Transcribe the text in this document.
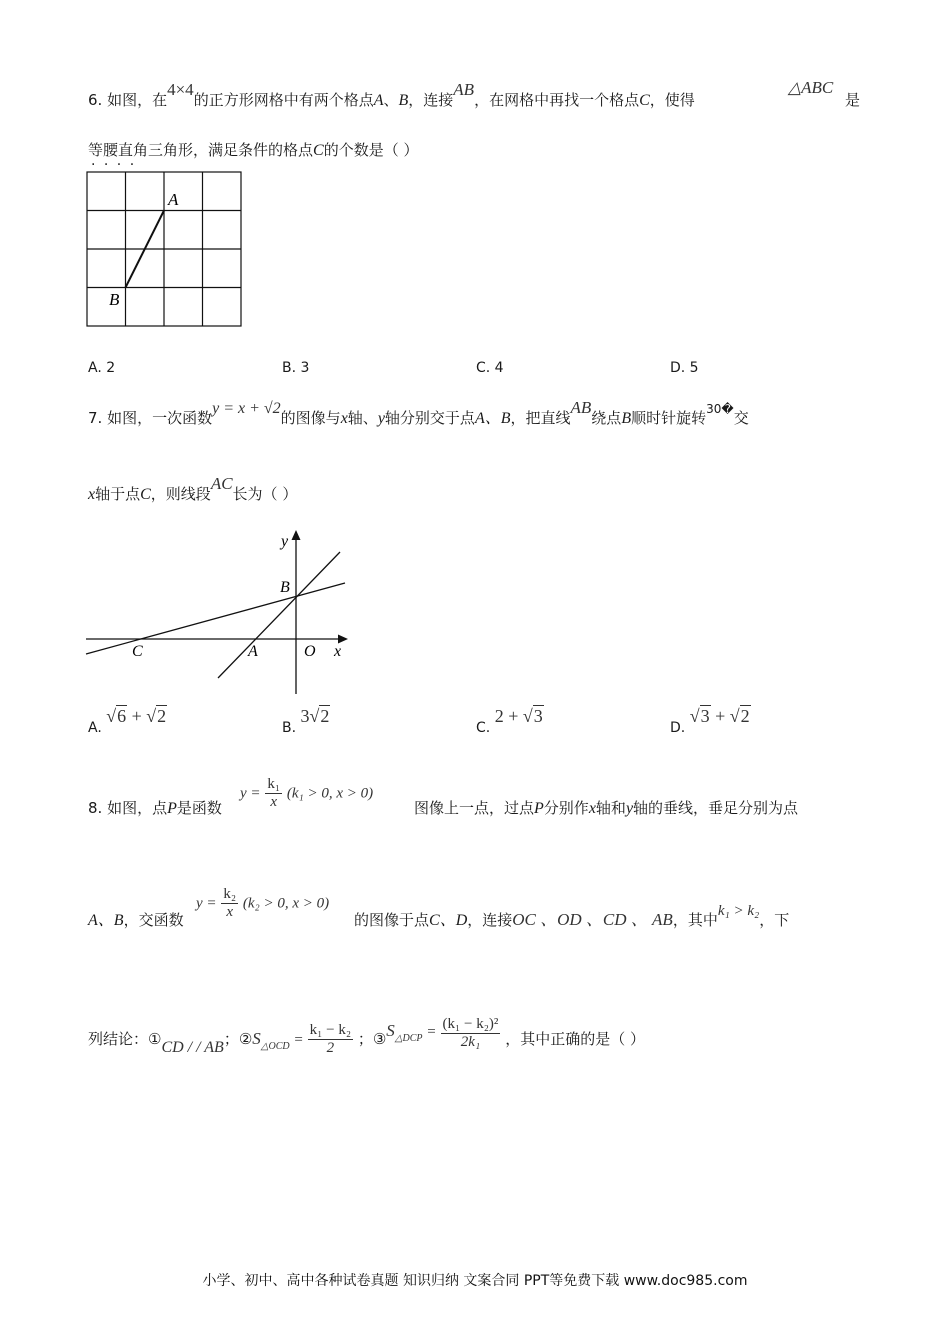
6. 如图，在4×4的正方形网格中有两个格点A、B，连接AB，在网格中再找一个格点C，使得
△ABC
是
等腰直角 · · · ·三角形，满足条件的格点C的个数是（ ）
A
B
A. 2	B. 3	C. 4	D. 5
7. 如图，一次函数y = x + √2的图像与x轴、y轴分别交于点A、B，把直线AB绕点B顺时针旋转$^{30�}$交
x轴于点C，则线段AC长为（ ）
y
x
B
C	A	O
A. √6 + √2
B. 3√2
C. 2 + √3
D. √3 + √2
8. 如图，点P是函数
$y = \frac{\text{k₁}}{x} (k_1 > 0$, x > 0)
图像上一点，过点P分别作x轴和y轴的垂线，垂足分别为点
A、B，交函数
$y = \frac{\text{k₂}}{x} (k_2 > 0$, x > 0)
的图像于点C、D，连接OC 、OD 、CD 、 AB，其中k₁ > k₂，下
列结论：①CD / / AB；$②S_{\triangle OCD} = \frac{\text{k₁ − k₂}}{2}$ ；$③S^{\triangle DCP} = \frac{\text{(k₁ − k₂)²}}{\text{2k₁}}$ ，其中正确的是（ ）
小学、初中、高中各种试卷真题 知识归纳 文案合同 PPT等免费下载 www.doc985.com
